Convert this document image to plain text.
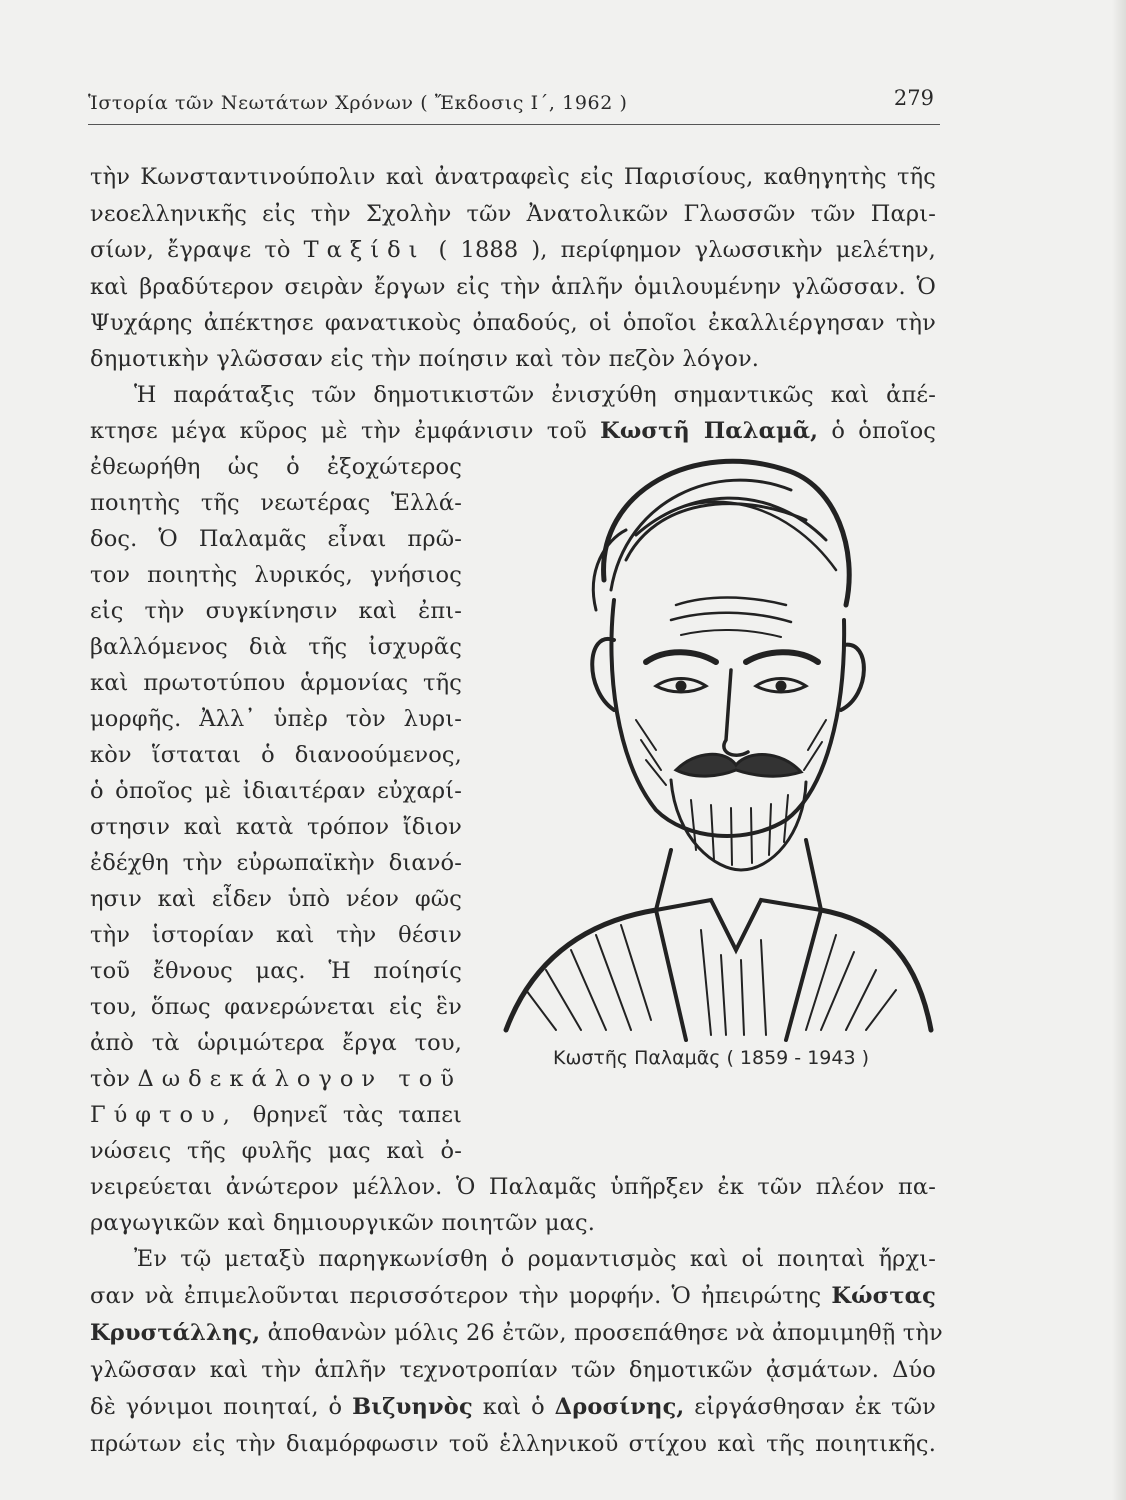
Ἱστορία τῶν Νεωτάτων Χρόνων ( Ἔκδοσις Ι΄, 1962 )	279
τὴν Κωνσταντινούπολιν καὶ ἀνατραφεὶς εἰς Παρισίους, καθηγητὴς τῆς
νεοελληνικῆς εἰς τὴν Σχολὴν τῶν Ἀνατολικῶν Γλωσσῶν τῶν Παρι-
σίων, ἔγραψε τὸ Ταξίδι ( 1888 ), περίφημον γλωσσικὴν μελέτην,
καὶ βραδύτερον σειρὰν ἔργων εἰς τὴν ἁπλῆν ὁμιλουμένην γλῶσσαν. Ὁ
Ψυχάρης ἀπέκτησε φανατικοὺς ὀπαδούς, οἱ ὁποῖοι ἐκαλλιέργησαν τὴν
δημοτικὴν γλῶσσαν εἰς τὴν ποίησιν καὶ τὸν πεζὸν λόγον.
Ἡ παράταξις τῶν δημοτικιστῶν ἐνισχύθη σημαντικῶς καὶ ἀπέ-
κτησε μέγα κῦρος μὲ τὴν ἐμφάνισιν τοῦ Κωστῆ Παλαμᾶ, ὁ ὁποῖος
ἐθεωρήθη ὡς ὁ ἐξοχώτερος
ποιητὴς τῆς νεωτέρας Ἑλλά-
δος. Ὁ Παλαμᾶς εἶναι πρῶ-
τον ποιητὴς λυρικός, γνήσιος
εἰς τὴν συγκίνησιν καὶ ἐπι-
βαλλόμενος διὰ τῆς ἰσχυρᾶς
καὶ πρωτοτύπου ἁρμονίας τῆς
μορφῆς. Ἀλλ᾽ ὑπὲρ τὸν λυρι-
κὸν ἵσταται ὁ διανοούμενος,
ὁ ὁποῖος μὲ ἰδιαιτέραν εὐχαρί-
στησιν καὶ κατὰ τρόπον ἴδιον
ἐδέχθη τὴν εὐρωπαϊκὴν διανό-
ησιν καὶ εἶδεν ὑπὸ νέον φῶς
τὴν ἱστορίαν καὶ τὴν θέσιν
τοῦ ἔθνους μας. Ἡ ποίησίς
του, ὅπως φανερώνεται εἰς ἓν
ἀπὸ τὰ ὡριμώτερα ἔργα του,
τὸν Δωδεκάλογον τοῦ
Γύφτου, θρηνεῖ τὰς ταπει
νώσεις τῆς φυλῆς μας καὶ ὀ-
νειρεύεται ἀνώτερον μέλλον. Ὁ Παλαμᾶς ὑπῆρξεν ἐκ τῶν πλέον πα-
ραγωγικῶν καὶ δημιουργικῶν ποιητῶν μας.
Κωστῆς Παλαμᾶς ( 1859 - 1943 )
Ἐν τῷ μεταξὺ παρηγκωνίσθη ὁ ρομαντισμὸς καὶ οἱ ποιηταὶ ἤρχι-
σαν νὰ ἐπιμελοῦνται περισσότερον τὴν μορφήν. Ὁ ἠπειρώτης Κώστας
Κρυστάλλης, ἀποθανὼν μόλις 26 ἐτῶν, προσεπάθησε νὰ ἀπομιμηθῇ τὴν
γλῶσσαν καὶ τὴν ἁπλῆν τεχνοτροπίαν τῶν δημοτικῶν ᾀσμάτων. Δύο
δὲ γόνιμοι ποιηταί, ὁ Βιζυηνὸς καὶ ὁ Δροσίνης, εἰργάσθησαν ἐκ τῶν
πρώτων εἰς τὴν διαμόρφωσιν τοῦ ἑλληνικοῦ στίχου καὶ τῆς ποιητικῆς.
